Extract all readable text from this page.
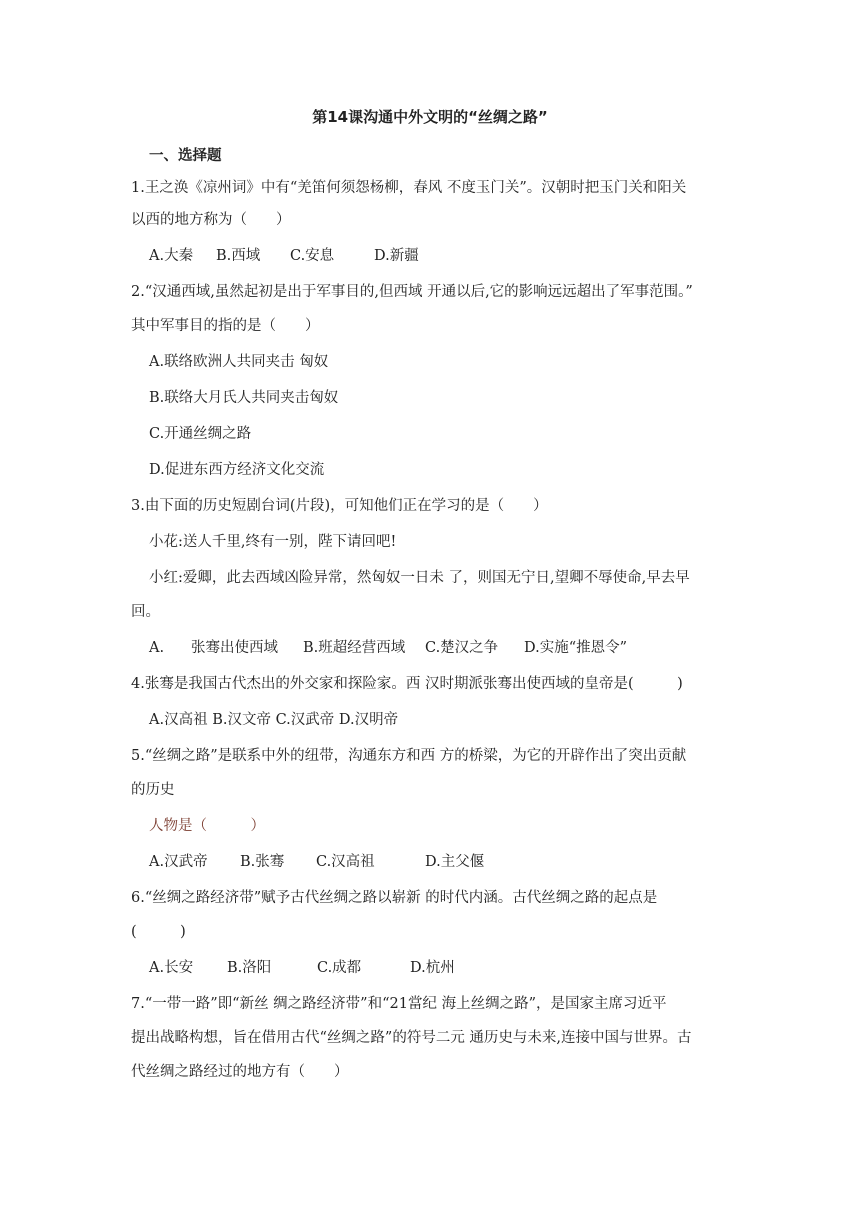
第14课沟通中外文明的“丝绸之路”
一、选择题
1.王之涣《凉州词》中有“羌笛何须怨杨柳，春风 不度玉门关”。汉朝时把玉门关和阳关
以西的地方称为（　　）
A.大秦 B.西域 C.安息	D.新疆
2.“汉通西域,虽然起初是出于军事目的,但西域 开通以后,它的影响远远超出了军事范围。”
其中军事目的指的是（　　）
A.联络欧洲人共同夹击 匈奴
B.联络大月氏人共同夹击匈奴
C.开通丝绸之路
D.促进东西方经济文化交流
3.由下面的历史短剧台词(片段)，可知他们正在学习的是（　　）
小花:送人千里,终有一别，陛下请回吧!
小红:爱卿，此去西域凶险异常，然匈奴一日未 了，则国无宁日,望卿不辱使命,早去早
回。
A. 张骞出使西域 B.班超经营西域 C.楚汉之争 D.实施“推恩令”
4.张骞是我国古代杰出的外交家和探险家。西 汉时期派张骞出使西域的皇帝是(　　　)
A.汉高祖 B.汉文帝 C.汉武帝 D.汉明帝
5.“丝绸之路”是联系中外的纽带，沟通东方和西 方的桥梁，为它的开辟作出了突出贡献
的历史
人物是（　　　）
A.汉武帝 B.张骞 C.汉高祖	D.主父偃
6.“丝绸之路经济带”赋予古代丝绸之路以崭新 的时代内涵。古代丝绸之路的起点是
(　　　)
A.长安 B.洛阳	C.成都	D.杭州
7.“一带一路”即“新丝 绸之路经济带”和“21當纪 海上丝绸之路”，是国家主席习近平
提出战略构想，旨在借用古代“丝绸之路”的符号二元 通历史与未来,连接中国与世界。古
代丝绸之路经过的地方有（　　）
